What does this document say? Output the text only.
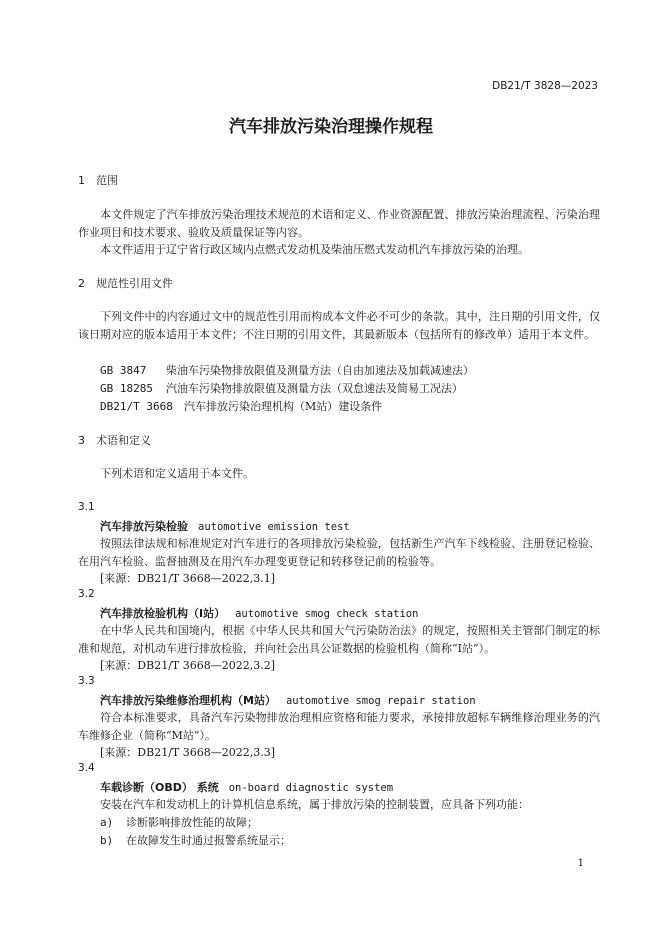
DB21/T 3828—2023
汽车排放污染治理操作规程
1 范围
本文件规定了汽车排放污染治理技术规范的术语和定义、作业资源配置、排放污染治理流程、污染治理作业项目和技术要求、验收及质量保证等内容。
本文件适用于辽宁省行政区域内点燃式发动机及柴油压燃式发动机汽车排放污染的治理。
2 规范性引用文件
下列文件中的内容通过文中的规范性引用而构成本文件必不可少的条款。其中，注日期的引用文件，仅该日期对应的版本适用于本文件；不注日期的引用文件，其最新版本（包括所有的修改单）适用于本文件。
GB 3847 柴油车污染物排放限值及测量方法（自由加速法及加载减速法）
GB 18285 汽油车污染物排放限值及测量方法（双怠速法及简易工况法）
DB21/T 3668 汽车排放污染治理机构（M站）建设条件
3 术语和定义
下列术语和定义适用于本文件。
3.1
汽车排放污染检验 automotive emission test
按照法律法规和标准规定对汽车进行的各项排放污染检验，包括新生产汽车下线检验、注册登记检验、在用汽车检验、监督抽测及在用汽车办理变更登记和转移登记前的检验等。
[来源：DB21/T 3668—2022,3.1]
3.2
汽车排放检验机构（I站） automotive smog check station
在中华人民共和国境内，根据《中华人民共和国大气污染防治法》的规定，按照相关主管部门制定的标准和规范，对机动车进行排放检验，并向社会出具公证数据的检验机构（简称“I站”）。
[来源：DB21/T 3668—2022,3.2]
3.3
汽车排放污染维修治理机构（M站） automotive smog repair station
符合本标准要求，具备汽车污染物排放治理相应资格和能力要求，承接排放超标车辆维修治理业务的汽车维修企业（简称“M站”）。
[来源：DB21/T 3668—2022,3.3]
3.4
车载诊断（OBD） 系统 on-board diagnostic system
安装在汽车和发动机上的计算机信息系统，属于排放污染的控制装置，应具备下列功能：
a) 诊断影响排放性能的故障；
b) 在故障发生时通过报警系统显示；
1
